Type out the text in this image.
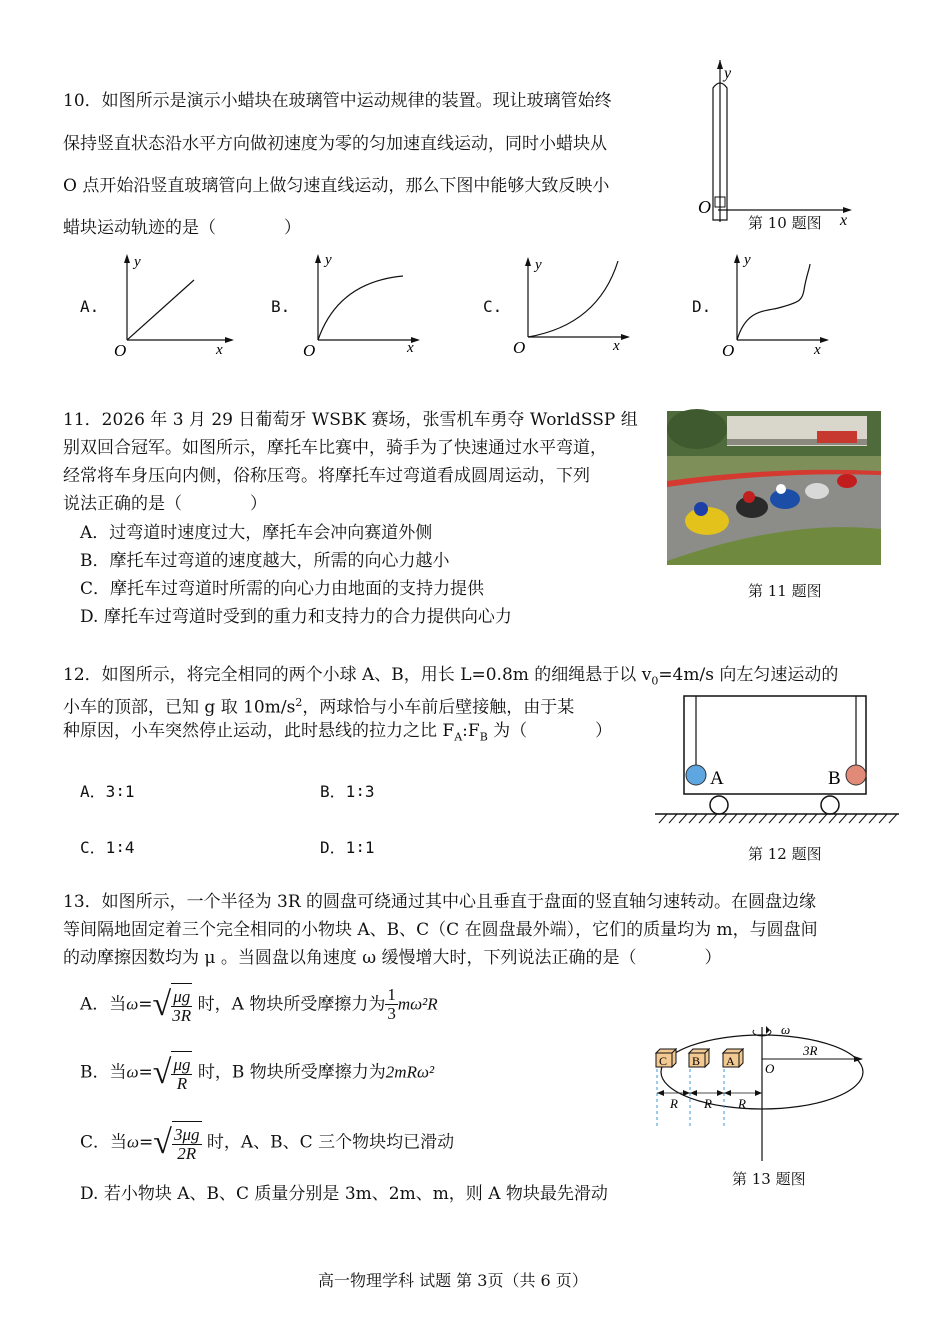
10．如图所示是演示小蜡块在玻璃管中运动规律的装置。现让玻璃管始终
保持竖直状态沿水平方向做初速度为零的匀加速直线运动，同时小蜡块从
O 点开始沿竖直玻璃管向上做匀速直线运动，那么下图中能够大致反映小
蜡块运动轨迹的是（　　　　）
y
O
x
第 10 题图
A.
y
O	x
B.
y
O	x
C.
y
O	x
D.
y
O	x
11．2026 年 3 月 29 日葡萄牙 WSBK 赛场，张雪机车勇夺 WorldSSP 组
别双回合冠军。如图所示，摩托车比赛中，骑手为了快速通过水平弯道，
经常将车身压向内侧，俗称压弯。将摩托车过弯道看成圆周运动，下列
说法正确的是（　　　　）
A．过弯道时速度过大，摩托车会冲向赛道外侧
B．摩托车过弯道的速度越大，所需的向心力越小
C．摩托车过弯道时所需的向心力由地面的支持力提供
D. 摩托车过弯道时受到的重力和支持力的合力提供向心力
第 11 题图
12．如图所示，将完全相同的两个小球 A、B，用长 L=0.8m 的细绳悬于以 $v_0=4m/s$ 向左匀速运动的
小车的顶部，已知 g 取 $10m/s^2$，两球恰与小车前后壁接触，由于某
种原因，小车突然停止运动，此时悬线的拉力之比 $F_A:F_B$ 为（　　　　）
A．3∶1	B．1∶3
C．1∶4	D．1∶1
A	B
第 12 题图
13．如图所示，一个半径为 3R 的圆盘可绕通过其中心且垂直于盘面的竖直轴匀速转动。在圆盘边缘
等间隔地固定着三个完全相同的小物块 A、B、C（C 在圆盘最外端），它们的质量均为 m，与圆盘间
的动摩擦因数均为 μ 。当圆盘以角速度 ω 缓慢增大时，下列说法正确的是（　　　　）
A．当$\omega=√ \frac{\mu g}{3R}$ 时，A 物块所受摩擦力为 $\frac{1}{3} m\omega^2R$
B．当$\omega=√ \frac{\mu g}{R}$ 时，B 物块所受摩擦力为2mRω²
C．当$\omega=√ \frac{3\mu g}{2R}$ 时，A、B、C 三个物块均已滑动
D. 若小物块 A、B、C 质量分别是 3m、2m、m，则 A 物块最先滑动
ω
3R
O
C B A
R R R
第 13 题图
高一物理学科 试题 第 3页（共 6 页）
